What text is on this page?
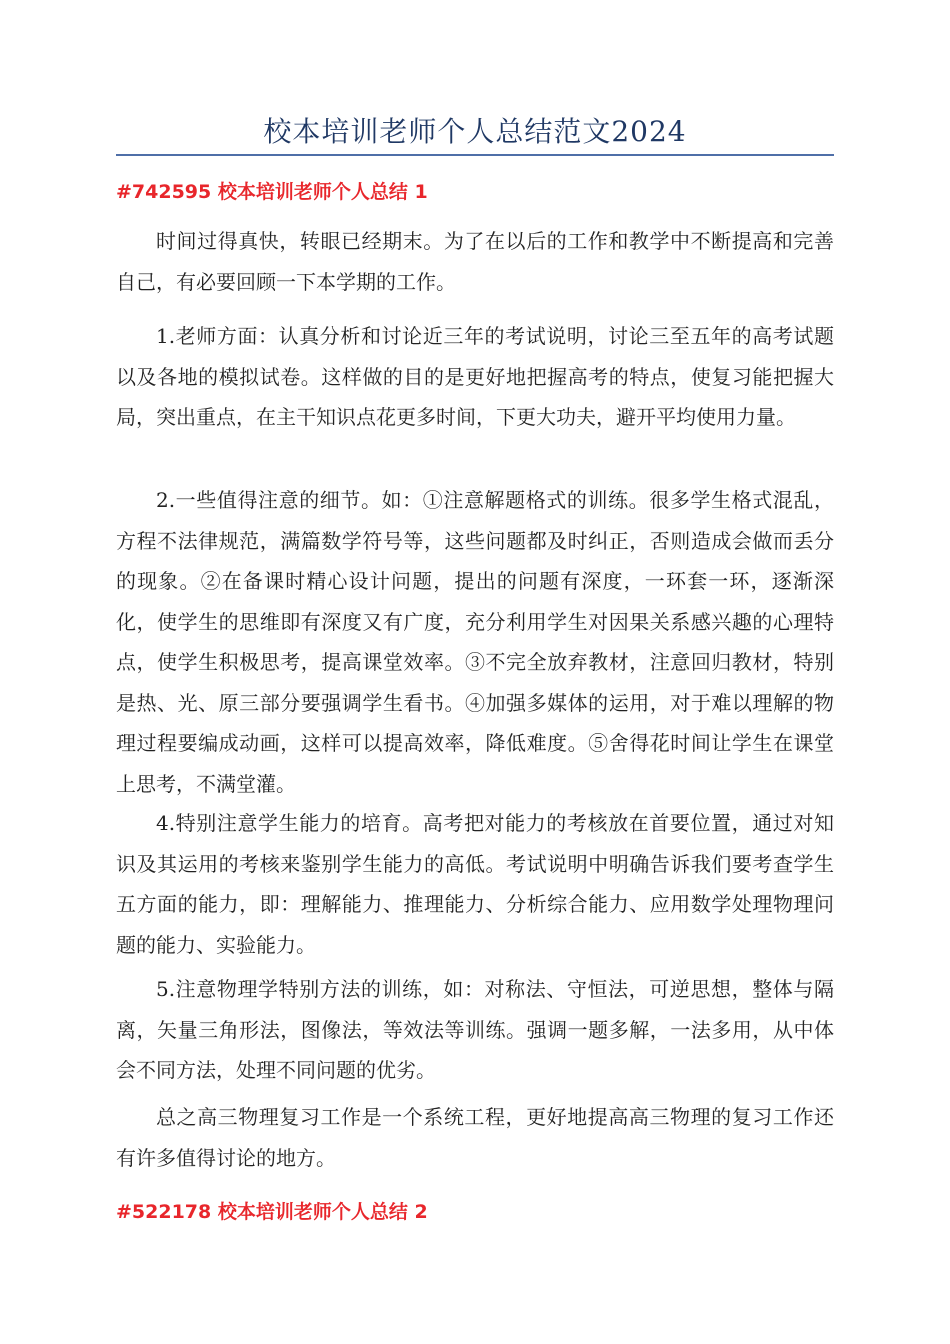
校本培训老师个人总结范文2024
#742595 校本培训老师个人总结 1

时间过得真快，转眼已经期末。为了在以后的工作和教学中不断提高和完善自己，有必要回顾一下本学期的工作。

1.老师方面：认真分析和讨论近三年的考试说明，讨论三至五年的高考试题以及各地的模拟试卷。这样做的目的是更好地把握高考的特点，使复习能把握大局，突出重点，在主干知识点花更多时间，下更大功夫，避开平均使用力量。

2.一些值得注意的细节。如：①注意解题格式的训练。很多学生格式混乱，方程不法律规范，满篇数学符号等，这些问题都及时纠正，否则造成会做而丢分的现象。②在备课时精心设计问题，提出的问题有深度，一环套一环，逐渐深化，使学生的思维即有深度又有广度，充分利用学生对因果关系感兴趣的心理特点，使学生积极思考，提高课堂效率。③不完全放弃教材，注意回归教材，特别是热、光、原三部分要强调学生看书。④加强多媒体的运用，对于难以理解的物理过程要编成动画，这样可以提高效率，降低难度。⑤舍得花时间让学生在课堂上思考，不满堂灌。

4.特别注意学生能力的培育。高考把对能力的考核放在首要位置，通过对知识及其运用的考核来鉴别学生能力的高低。考试说明中明确告诉我们要考查学生五方面的能力，即：理解能力、推理能力、分析综合能力、应用数学处理物理问题的能力、实验能力。

5.注意物理学特别方法的训练，如：对称法、守恒法，可逆思想，整体与隔离，矢量三角形法，图像法，等效法等训练。强调一题多解，一法多用，从中体会不同方法，处理不同问题的优劣。

总之高三物理复习工作是一个系统工程，更好地提高高三物理的复习工作还有许多值得讨论的地方。

#522178 校本培训老师个人总结 2
